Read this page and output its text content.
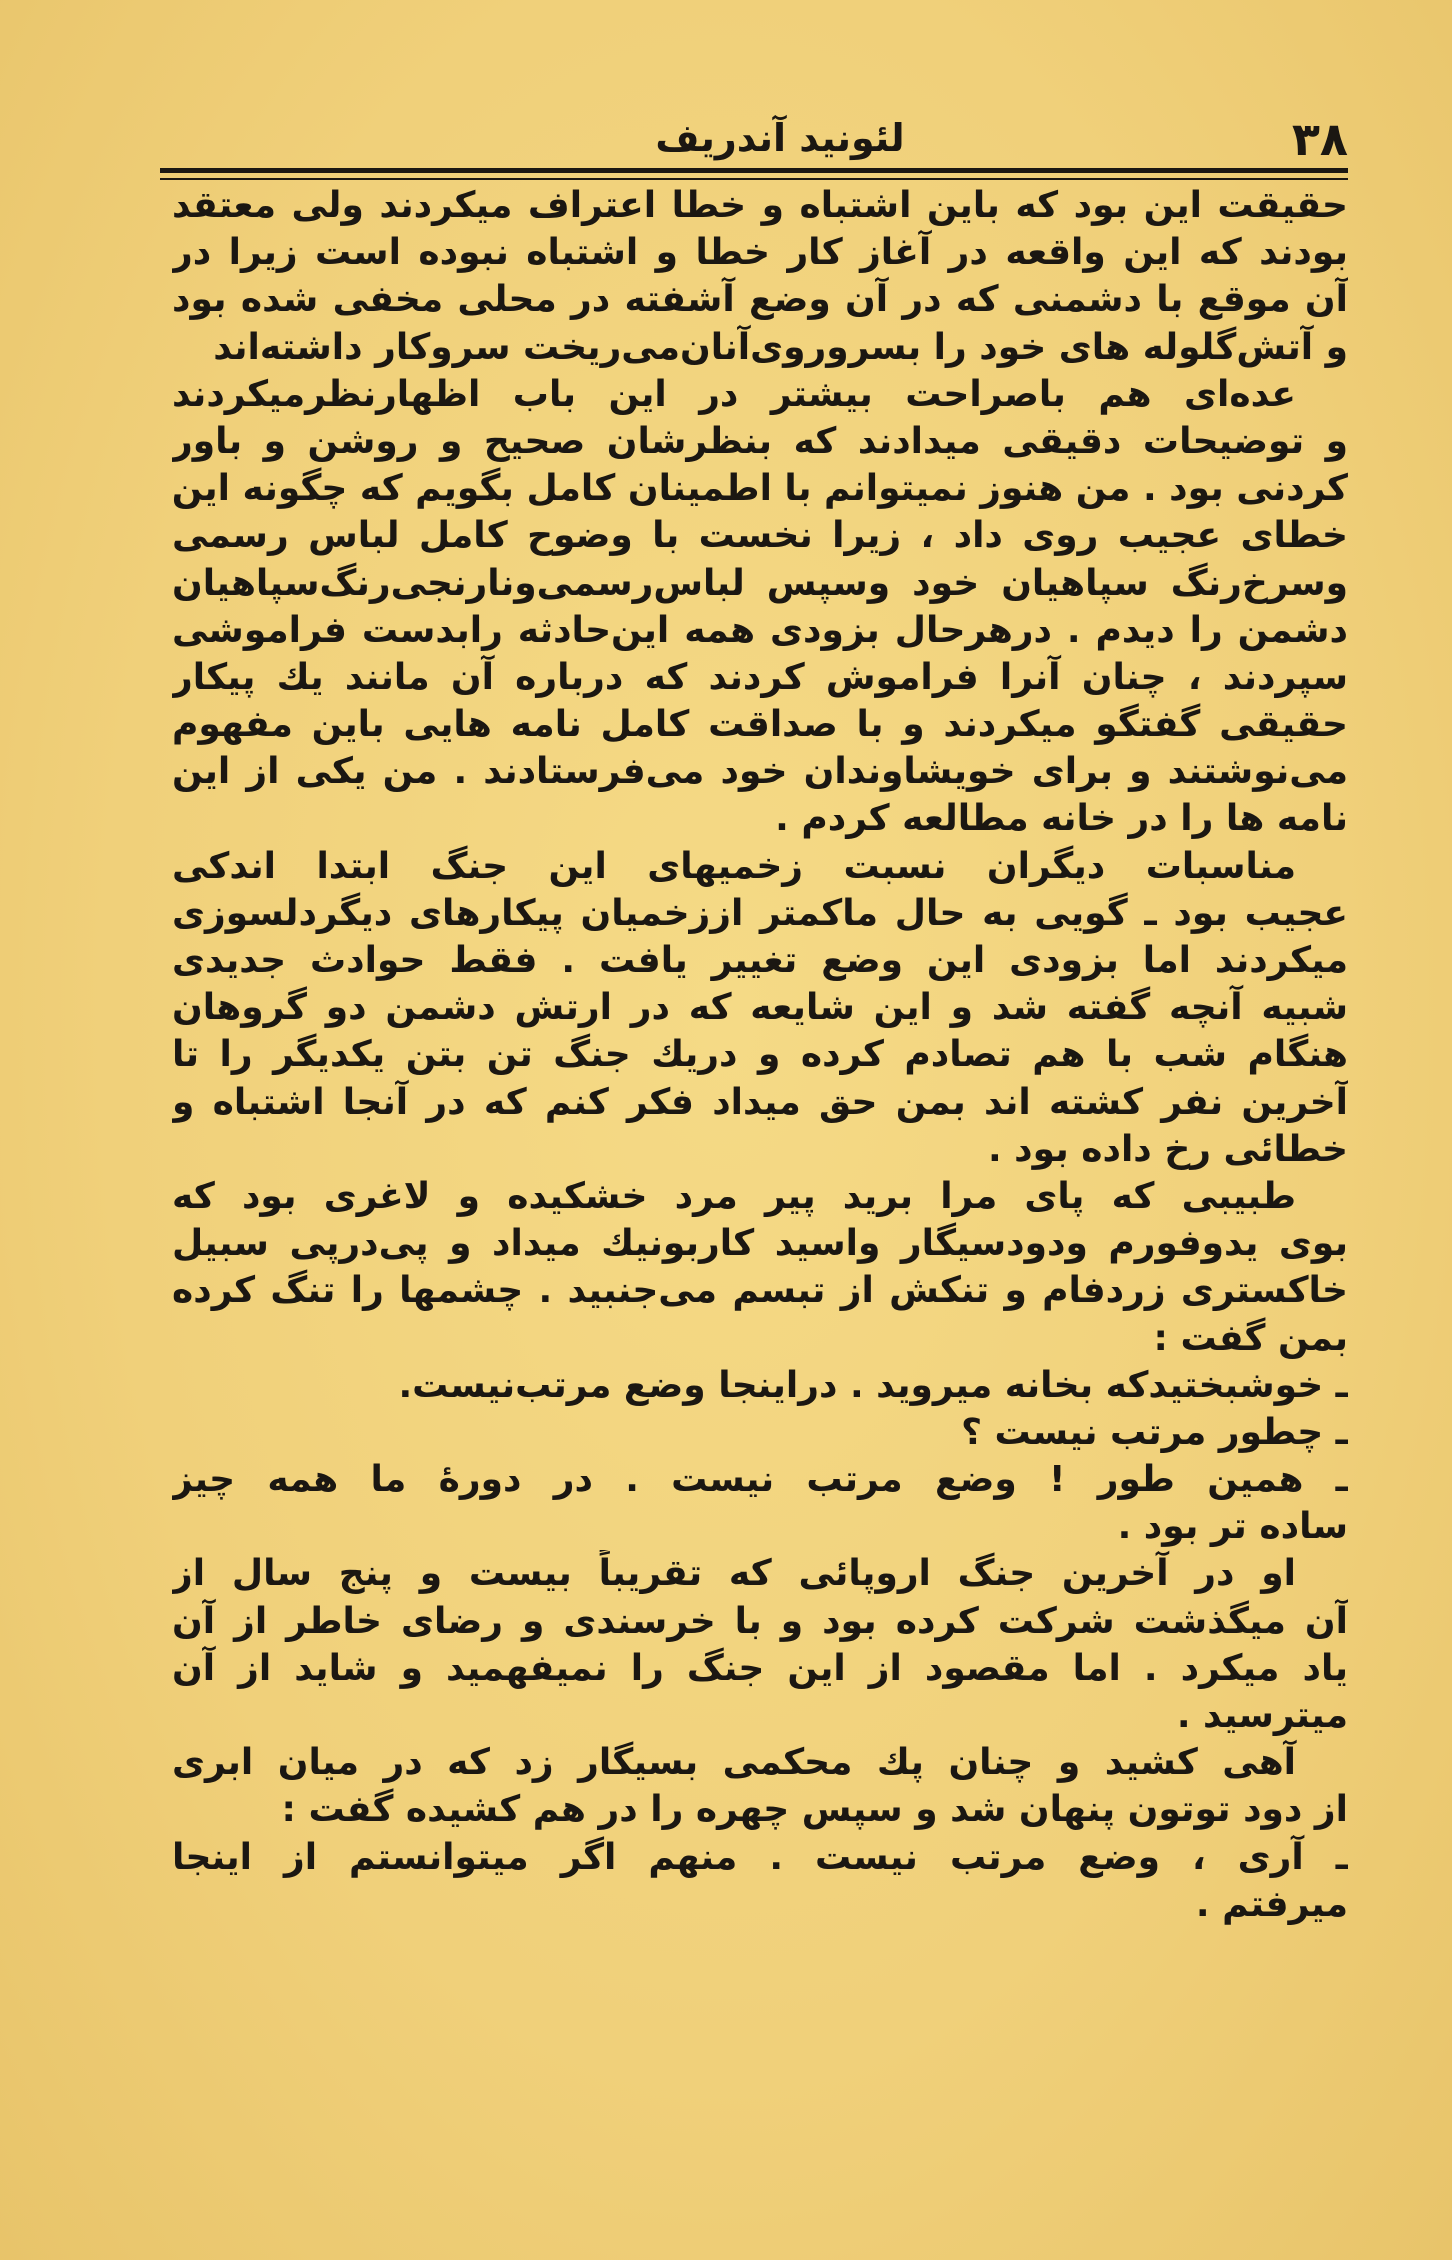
لئونید آندریف	۳۸
حقیقت این بود که باین اشتباه و خطا اعتراف میکردند ولی معتقد
بودند که این واقعه در آغاز کار خطا و اشتباه نبوده است زیرا در
آن موقع با دشمنی که در آن وضع آشفته در محلی مخفی شده بود
و آتش‌گلوله های خود را بسروروی‌آنان‌می‌ریخت سروکار داشته‌اند
عده‌ای هم باصراحت بیشتر در این باب اظهارنظرمیکردند
و توضیحات دقیقی میدادند که بنظرشان صحیح و روشن و باور
کردنی بود . من هنوز نمیتوانم با اطمینان کامل بگویم که چگونه این
خطای عجیب روی داد ، زیرا نخست با وضوح کامل لباس رسمی
وسرخ‌رنگ سپاهیان خود وسپس لباس‌رسمی‌ونارنجی‌رنگ‌سپاهیان
دشمن را دیدم . درهرحال بزودی همه این‌حادثه رابدست فراموشی
سپردند ، چنان آنرا فراموش کردند که درباره آن مانند یك پیکار
حقیقی گفتگو میکردند و با صداقت کامل نامه هایی باین مفهوم
می‌نوشتند و برای خویشاوندان خود می‌فرستادند . من یکی از این
نامه ها را در خانه مطالعه کردم .
مناسبات دیگران نسبت زخمیهای این جنگ ابتدا اندکی
عجیب بود ـ گویی به حال ماکمتر اززخمیان پیکارهای دیگردلسوزی
میکردند اما بزودی این وضع تغییر یافت . فقط حوادث جدیدی
شبیه آنچه گفته شد و این شایعه که در ارتش دشمن دو گروهان
هنگام شب با هم تصادم کرده و دریك جنگ تن بتن یکدیگر را تا
آخرین نفر کشته اند بمن حق میداد فکر کنم که در آنجا اشتباه و
خطائی رخ داده بود .
طبیبی که پای مرا برید پیر مرد خشکیده و لاغری بود که
بوی یدوفورم ودودسیگار واسید کاربونیك میداد و پی‌درپی سبیل
خاکستری زردفام و تنکش از تبسم می‌جنبید . چشمها را تنگ کرده
بمن گفت :
ـ خوشبختیدکه بخانه میروید . دراینجا وضع مرتب‌نیست.
ـ چطور مرتب نیست ؟
ـ همین طور ! وضع مرتب نیست . در دورهٔ ما همه چیز
ساده تر بود .
او در آخرین جنگ اروپائی که تقریباً بیست و پنج سال از
آن میگذشت شرکت کرده بود و با خرسندی و رضای خاطر از آن
یاد میکرد . اما مقصود از این جنگ را نمیفهمید و شاید از آن
میترسید .
آهی کشید و چنان پك محکمی بسیگار زد که در میان ابری
از دود توتون پنهان شد و سپس چهره را در هم کشیده گفت :
ـ آری ، وضع مرتب نیست . منهم اگر میتوانستم از اینجا
میرفتم .
